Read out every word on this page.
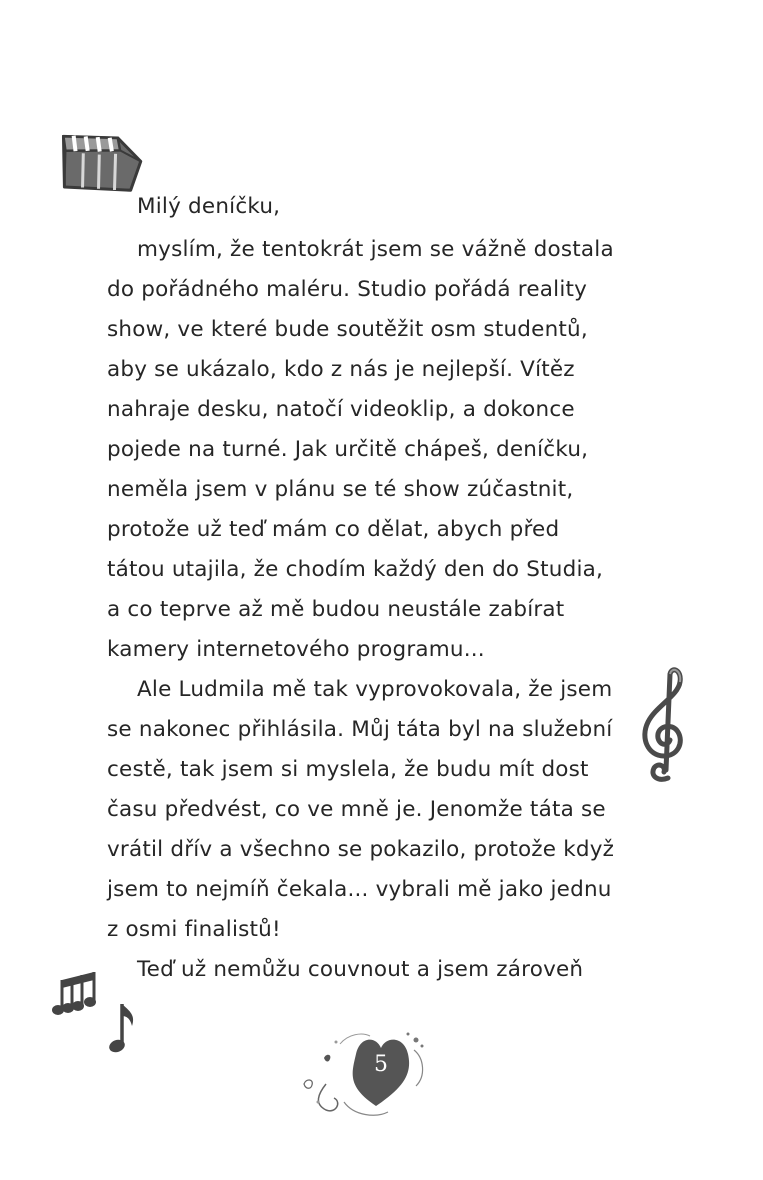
Milý deníčku,
myslím, že tentokrát jsem se vážně dostala
do pořádného maléru. Studio pořádá reality
show, ve které bude soutěžit osm studentů,
aby se ukázalo, kdo z nás je nejlepší. Vítěz
nahraje desku, natočí videoklip, a dokonce
pojede na turné. Jak určitě chápeš, deníčku,
neměla jsem v plánu se té show zúčastnit,
protože už teď mám co dělat, abych před
tátou utajila, že chodím každý den do Studia,
a co teprve až mě budou neustále zabírat
kamery internetového programu...
Ale Ludmila mě tak vyprovokovala, že jsem
se nakonec přihlásila. Můj táta byl na služební
cestě, tak jsem si myslela, že budu mít dost
času předvést, co ve mně je. Jenomže táta se
vrátil dřív a všechno se pokazilo, protože když
jsem to nejmíň čekala... vybrali mě jako jednu
z osmi finalistů!
Teď už nemůžu couvnout a jsem zároveň
5
